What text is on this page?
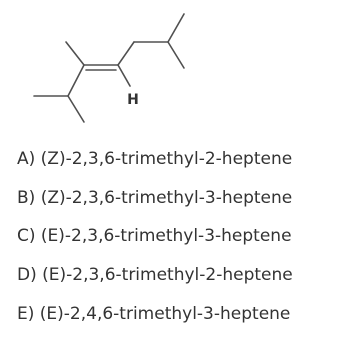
H
A) (Z)-2,3,6-trimethyl-2-heptene
B) (Z)-2,3,6-trimethyl-3-heptene
C) (E)-2,3,6-trimethyl-3-heptene
D) (E)-2,3,6-trimethyl-2-heptene
E) (E)-2,4,6-trimethyl-3-heptene
